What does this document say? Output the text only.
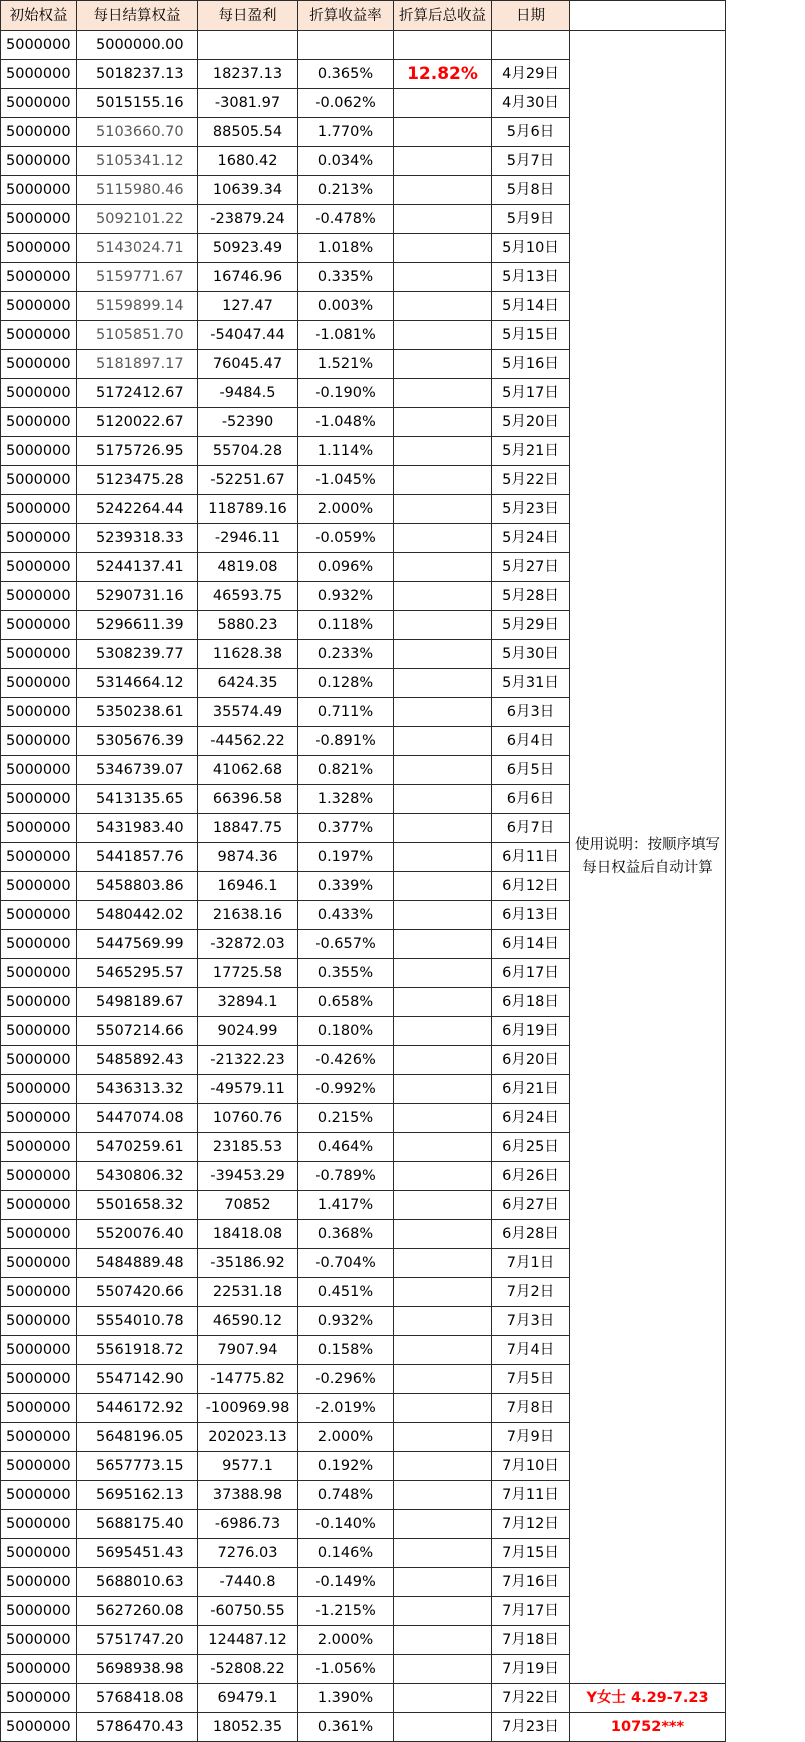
初始权益	每日结算权益	每日盈利	折算收益率	折算后总收益	日期	
5000000	5000000.00					使用说明：按顺序填写每日权益后自动计算
5000000	5018237.13	18237.13	0.365%	12.82%	4月29日	
5000000	5015155.16	-3081.97	-0.062%		4月30日	
5000000	5103660.70	88505.54	1.770%		5月6日	
5000000	5105341.12	1680.42	0.034%		5月7日	
5000000	5115980.46	10639.34	0.213%		5月8日	
5000000	5092101.22	-23879.24	-0.478%		5月9日	
5000000	5143024.71	50923.49	1.018%		5月10日	
5000000	5159771.67	16746.96	0.335%		5月13日	
5000000	5159899.14	127.47	0.003%		5月14日	
5000000	5105851.70	-54047.44	-1.081%		5月15日	
5000000	5181897.17	76045.47	1.521%		5月16日	
5000000	5172412.67	-9484.5	-0.190%		5月17日	
5000000	5120022.67	-52390	-1.048%		5月20日	
5000000	5175726.95	55704.28	1.114%		5月21日	
5000000	5123475.28	-52251.67	-1.045%		5月22日	
5000000	5242264.44	118789.16	2.000%		5月23日	
5000000	5239318.33	-2946.11	-0.059%		5月24日	
5000000	5244137.41	4819.08	0.096%		5月27日	
5000000	5290731.16	46593.75	0.932%		5月28日	
5000000	5296611.39	5880.23	0.118%		5月29日	
5000000	5308239.77	11628.38	0.233%		5月30日	
5000000	5314664.12	6424.35	0.128%		5月31日	
5000000	5350238.61	35574.49	0.711%		6月3日	
5000000	5305676.39	-44562.22	-0.891%		6月4日	
5000000	5346739.07	41062.68	0.821%		6月5日	
5000000	5413135.65	66396.58	1.328%		6月6日	
5000000	5431983.40	18847.75	0.377%		6月7日	
5000000	5441857.76	9874.36	0.197%		6月11日	
5000000	5458803.86	16946.1	0.339%		6月12日	
5000000	5480442.02	21638.16	0.433%		6月13日	
5000000	5447569.99	-32872.03	-0.657%		6月14日	
5000000	5465295.57	17725.58	0.355%		6月17日	
5000000	5498189.67	32894.1	0.658%		6月18日	
5000000	5507214.66	9024.99	0.180%		6月19日	
5000000	5485892.43	-21322.23	-0.426%		6月20日	
5000000	5436313.32	-49579.11	-0.992%		6月21日	
5000000	5447074.08	10760.76	0.215%		6月24日	
5000000	5470259.61	23185.53	0.464%		6月25日	
5000000	5430806.32	-39453.29	-0.789%		6月26日	
5000000	5501658.32	70852	1.417%		6月27日	
5000000	5520076.40	18418.08	0.368%		6月28日	
5000000	5484889.48	-35186.92	-0.704%		7月1日	
5000000	5507420.66	22531.18	0.451%		7月2日	
5000000	5554010.78	46590.12	0.932%		7月3日	
5000000	5561918.72	7907.94	0.158%		7月4日	
5000000	5547142.90	-14775.82	-0.296%		7月5日	
5000000	5446172.92	-100969.98	-2.019%		7月8日	
5000000	5648196.05	202023.13	2.000%		7月9日	
5000000	5657773.15	9577.1	0.192%		7月10日	
5000000	5695162.13	37388.98	0.748%		7月11日	
5000000	5688175.40	-6986.73	-0.140%		7月12日	
5000000	5695451.43	7276.03	0.146%		7月15日	
5000000	5688010.63	-7440.8	-0.149%		7月16日	
5000000	5627260.08	-60750.55	-1.215%		7月17日	
5000000	5751747.20	124487.12	2.000%		7月18日	
5000000	5698938.98	-52808.22	-1.056%		7月19日	
5000000	5768418.08	69479.1	1.390%		7月22日	Y女士 4.29-7.23
5000000	5786470.43	18052.35	0.361%		7月23日	10752***
